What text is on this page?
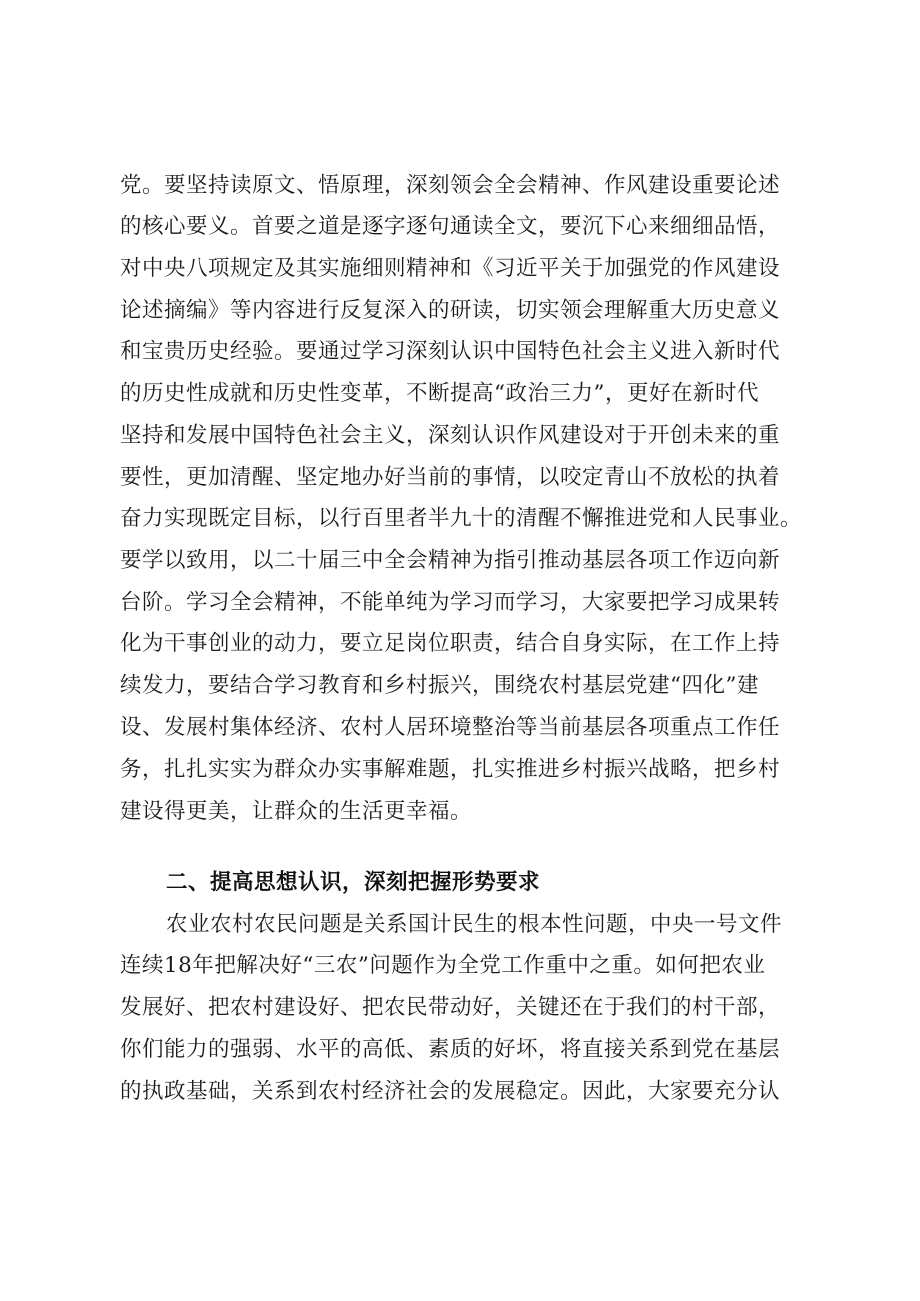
党。要坚持读原文、悟原理，深刻领会全会精神、作风建设重要论述
的核心要义。首要之道是逐字逐句通读全文，要沉下心来细细品悟，
对中央八项规定及其实施细则精神和《习近平关于加强党的作风建设
论述摘编》等内容进行反复深入的研读，切实领会理解重大历史意义
和宝贵历史经验。要通过学习深刻认识中国特色社会主义进入新时代
的历史性成就和历史性变革，不断提高“政治三力”，更好在新时代
坚持和发展中国特色社会主义，深刻认识作风建设对于开创未来的重
要性，更加清醒、坚定地办好当前的事情，以咬定青山不放松的执着
奋力实现既定目标，以行百里者半九十的清醒不懈推进党和人民事业。
要学以致用，以二十届三中全会精神为指引推动基层各项工作迈向新
台阶。学习全会精神，不能单纯为学习而学习，大家要把学习成果转
化为干事创业的动力，要立足岗位职责，结合自身实际，在工作上持
续发力，要结合学习教育和乡村振兴，围绕农村基层党建“四化”建
设、发展村集体经济、农村人居环境整治等当前基层各项重点工作任
务，扎扎实实为群众办实事解难题，扎实推进乡村振兴战略，把乡村
建设得更美，让群众的生活更幸福。
二、提高思想认识，深刻把握形势要求
农业农村农民问题是关系国计民生的根本性问题，中央一号文件
连续18年把解决好“三农”问题作为全党工作重中之重。如何把农业
发展好、把农村建设好、把农民带动好，关键还在于我们的村干部，
你们能力的强弱、水平的高低、素质的好坏，将直接关系到党在基层
的执政基础，关系到农村经济社会的发展稳定。因此，大家要充分认
